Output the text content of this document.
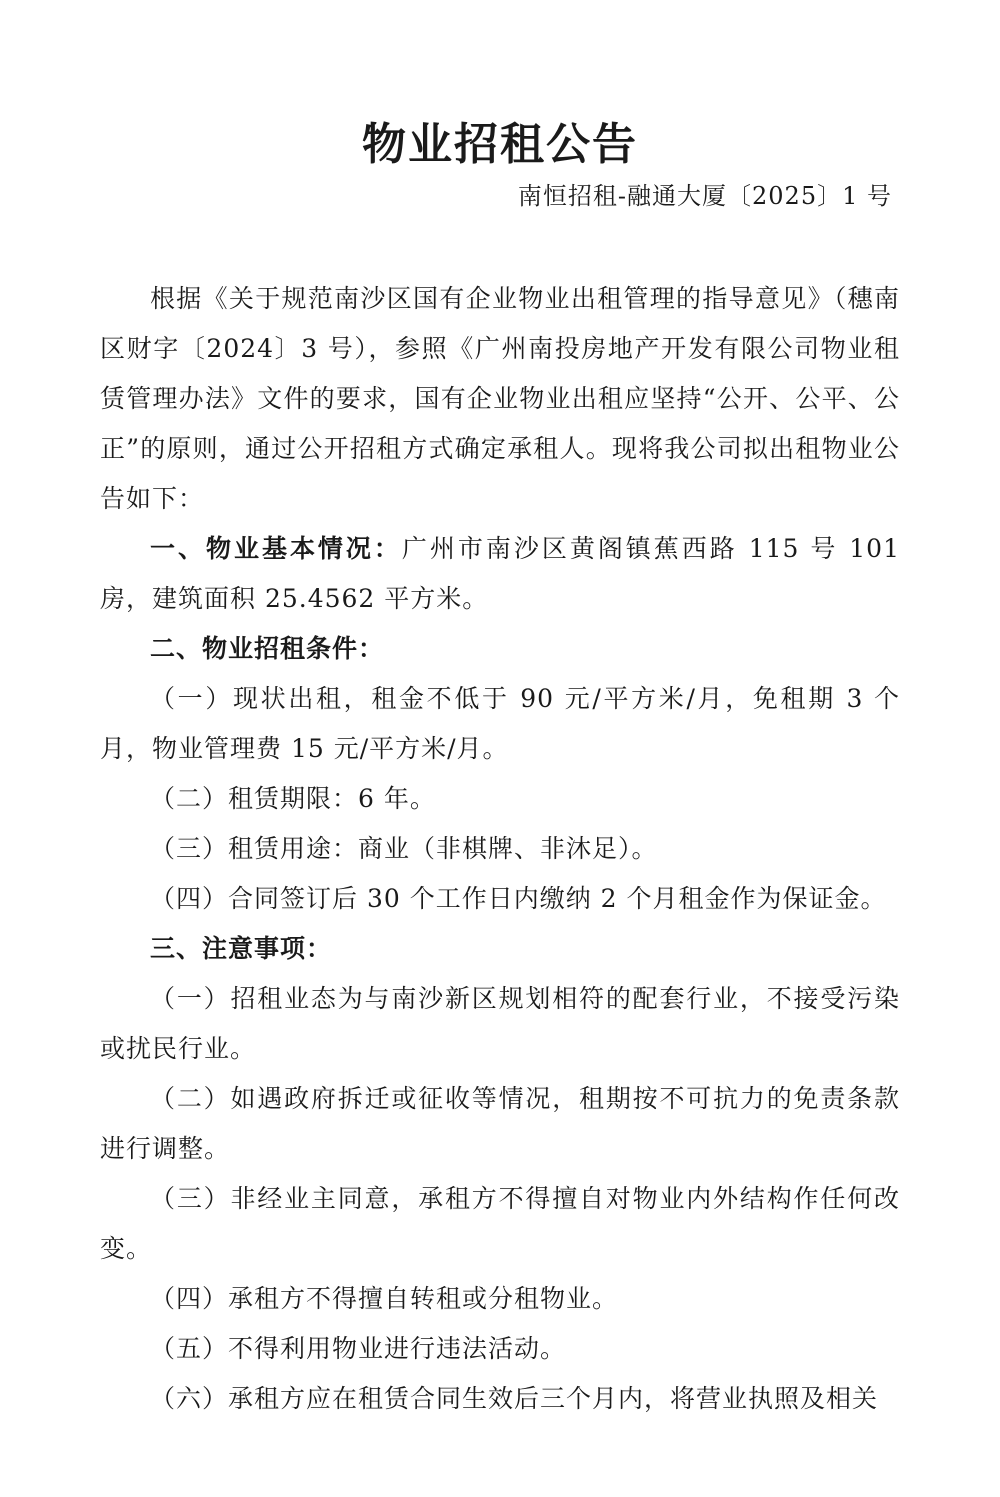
物业招租公告

南恒招租-融通大厦〔2025〕1 号

根据《关于规范南沙区国有企业物业出租管理的指导意见》（穗南区财字〔2024〕3 号），参照《广州南投房地产开发有限公司物业租赁管理办法》文件的要求，国有企业物业出租应坚持“公开、公平、公正”的原则，通过公开招租方式确定承租人。现将我公司拟出租物业公告如下：

一、物业基本情况：广州市南沙区黄阁镇蕉西路 115 号 101 房，建筑面积 25.4562 平方米。

二、物业招租条件：

（一）现状出租，租金不低于 90 元/平方米/月，免租期 3 个月，物业管理费 15 元/平方米/月。

（二）租赁期限：6 年。

（三）租赁用途：商业（非棋牌、非沐足）。

（四）合同签订后 30 个工作日内缴纳 2 个月租金作为保证金。

三、注意事项：

（一）招租业态为与南沙新区规划相符的配套行业，不接受污染或扰民行业。

（二）如遇政府拆迁或征收等情况，租期按不可抗力的免责条款进行调整。

（三）非经业主同意，承租方不得擅自对物业内外结构作任何改变。

（四）承租方不得擅自转租或分租物业。

（五）不得利用物业进行违法活动。

（六）承租方应在租赁合同生效后三个月内，将营业执照及相关
